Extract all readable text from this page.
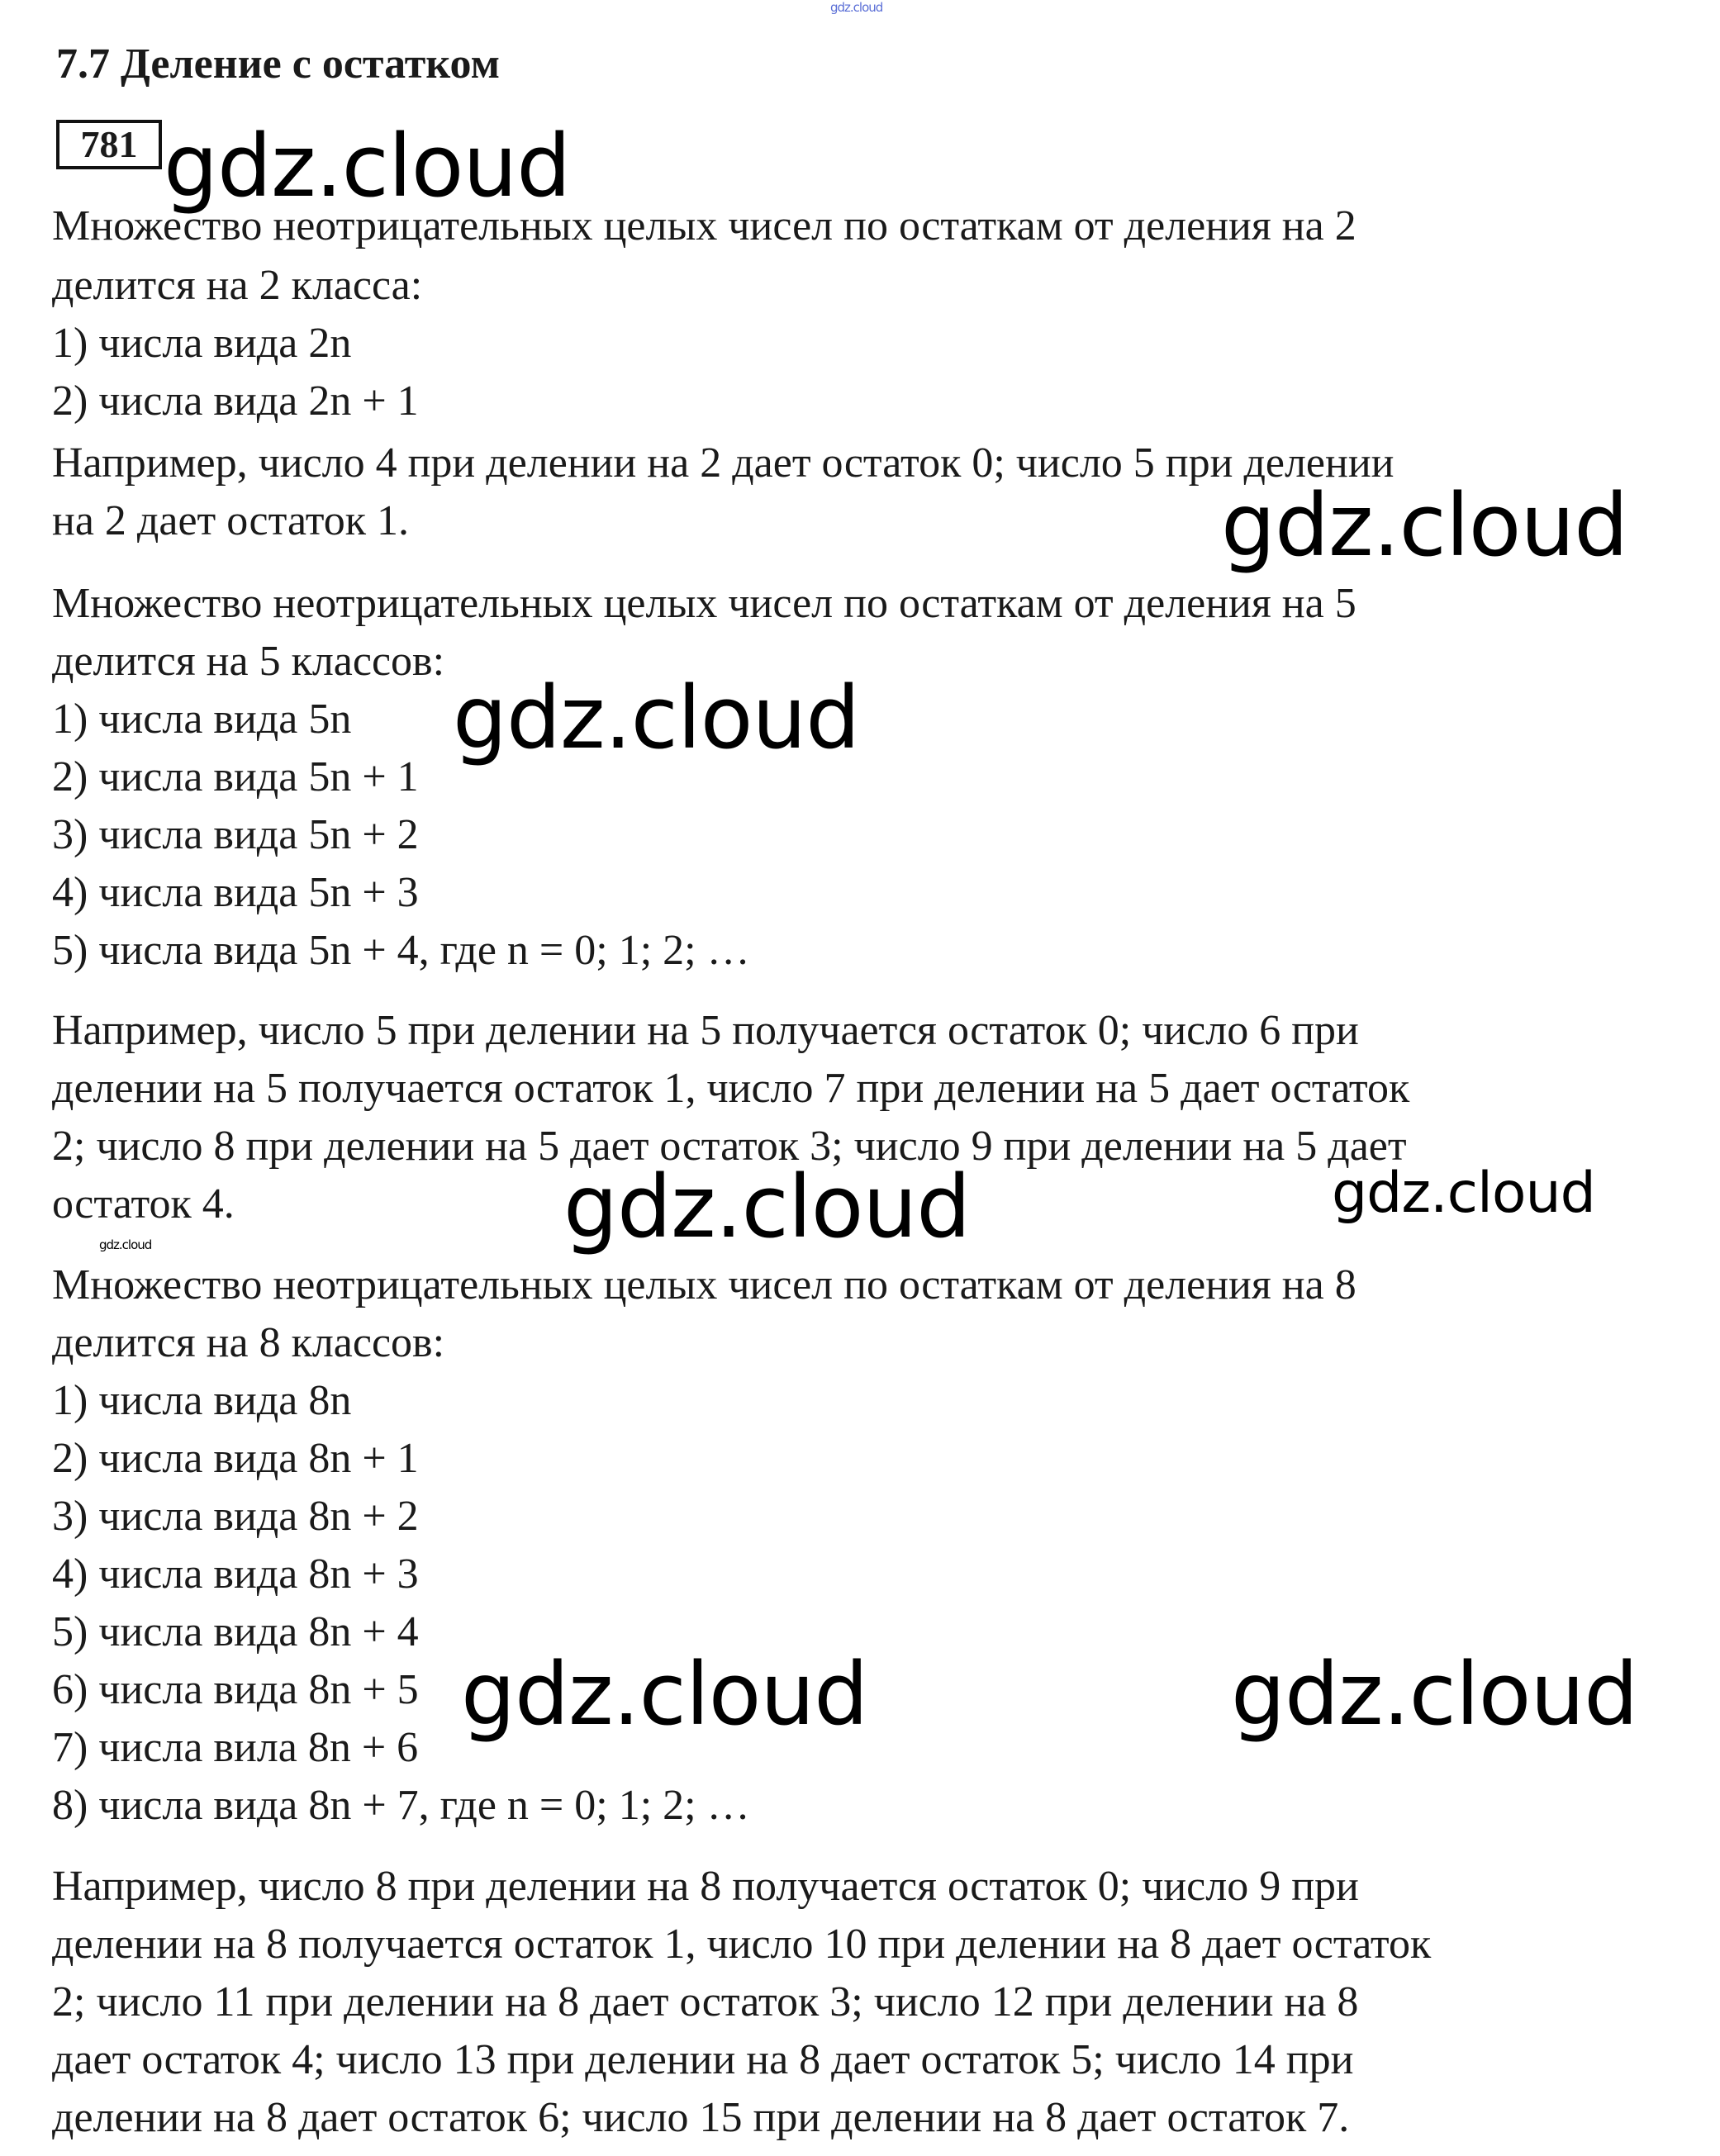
gdz.cloud
7.7 Деление с остатком
781
Множество неотрицательных целых чисел по остаткам от деления на 2
делится на 2 класса:
1) числа вида 2n
2) числа вида 2n + 1
Например, число 4 при делении на 2 дает остаток 0; число 5 при делении
на 2 дает остаток 1.
Множество неотрицательных целых чисел по остаткам от деления на 5
делится на 5 классов:
1) числа вида 5n
2) числа вида 5n + 1
3) числа вида 5n + 2
4) числа вида 5n + 3
5) числа вида 5n + 4, где n = 0; 1; 2; …
Например, число 5 при делении на 5 получается остаток 0; число 6 при
делении на 5 получается остаток 1, число 7 при делении на 5 дает остаток
2; число 8 при делении на 5 дает остаток 3; число 9 при делении на 5 дает
остаток 4.
Множество неотрицательных целых чисел по остаткам от деления на 8
делится на 8 классов:
1) числа вида 8n
2) числа вида 8n + 1
3) числа вида 8n + 2
4) числа вида 8n + 3
5) числа вида 8n + 4
6) числа вида 8n + 5
7) числа вила 8n + 6
8) числа вида 8n + 7, где n = 0; 1; 2; …
Например, число 8 при делении на 8 получается остаток 0; число 9 при
делении на 8 получается остаток 1, число 10 при делении на 8 дает остаток
2; число 11 при делении на 8 дает остаток 3; число 12 при делении на 8
дает остаток 4; число 13 при делении на 8 дает остаток 5; число 14 при
делении на 8 дает остаток 6; число 15 при делении на 8 дает остаток 7.
gdz.cloud
gdz.cloud
gdz.cloud
gdz.cloud	gdz.cloud
gdz.cloud
gdz.cloud	gdz.cloud
